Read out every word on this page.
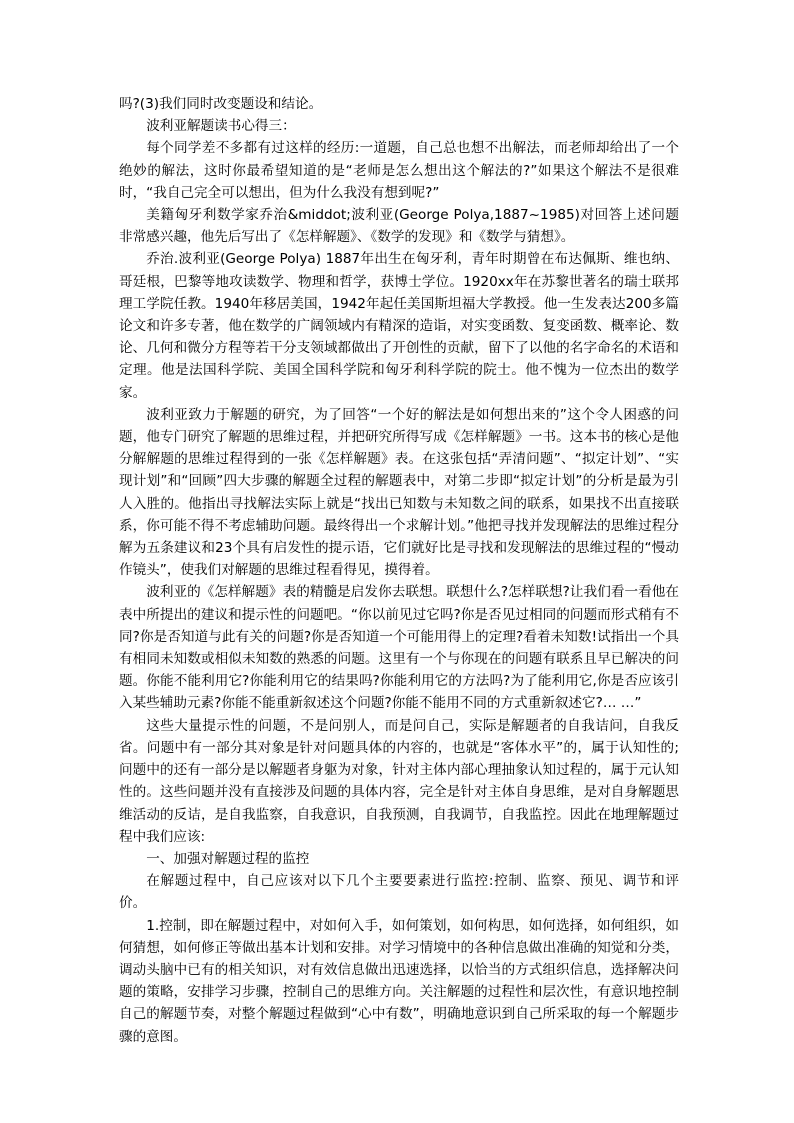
吗?(3)我们同时改变题设和结论。

波利亚解题读书心得三：

每个同学差不多都有过这样的经历:一道题，自己总也想不出解法，而老师却给出了一个绝妙的解法，这时你最希望知道的是“老师是怎么想出这个解法的?”如果这个解法不是很难时，“我自己完全可以想出，但为什么我没有想到呢?”

美籍匈牙利数学家乔治&middot;波利亚(George Polya,1887~1985)对回答上述问题非常感兴趣，他先后写出了《怎样解题》、《数学的发现》和《数学与猜想》。

乔治.波利亚(George Polya) 1887年出生在匈牙利，青年时期曾在布达佩斯、维也纳、哥廷根，巴黎等地攻读数学、物理和哲学，获博士学位。1920xx年在苏黎世著名的瑞士联邦理工学院任教。1940年移居美国，1942年起任美国斯坦福大学教授。他一生发表达200多篇论文和许多专著，他在数学的广阔领域内有精深的造诣，对实变函数、复变函数、概率论、数论、几何和微分方程等若干分支领域都做出了开创性的贡献，留下了以他的名字命名的术语和定理。他是法国科学院、美国全国科学院和匈牙利科学院的院士。他不愧为一位杰出的数学家。

波利亚致力于解题的研究，为了回答“一个好的解法是如何想出来的”这个令人困惑的问题，他专门研究了解题的思维过程，并把研究所得写成《怎样解题》一书。这本书的核心是他分解解题的思维过程得到的一张《怎样解题》表。在这张包括“弄清问题”、“拟定计划”、“实现计划”和“回顾”四大步骤的解题全过程的解题表中，对第二步即“拟定计划”的分析是最为引人入胜的。他指出寻找解法实际上就是“找出已知数与未知数之间的联系，如果找不出直接联系，你可能不得不考虑辅助问题。最终得出一个求解计划。”他把寻找并发现解法的思维过程分解为五条建议和23个具有启发性的提示语，它们就好比是寻找和发现解法的思维过程的“慢动作镜头”，使我们对解题的思维过程看得见，摸得着。

波利亚的《怎样解题》表的精髓是启发你去联想。联想什么?怎样联想?让我们看一看他在表中所提出的建议和提示性的问题吧。“你以前见过它吗?你是否见过相同的问题而形式稍有不同?你是否知道与此有关的问题?你是否知道一个可能用得上的定理?看着未知数!试指出一个具有相同未知数或相似未知数的熟悉的问题。这里有一个与你现在的问题有联系且早已解决的问题。你能不能利用它?你能利用它的结果吗?你能利用它的方法吗?为了能利用它,你是否应该引入某些辅助元素?你能不能重新叙述这个问题?你能不能用不同的方式重新叙述它?… …”

这些大量提示性的问题，不是问别人，而是问自己，实际是解题者的自我诘问，自我反省。问题中有一部分其对象是针对问题具体的内容的，也就是“客体水平”的，属于认知性的;问题中的还有一部分是以解题者身躯为对象，针对主体内部心理抽象认知过程的，属于元认知性的。这些问题并没有直接涉及问题的具体内容，完全是针对主体自身思维，是对自身解题思维活动的反诘，是自我监察，自我意识，自我预测，自我调节，自我监控。因此在地理解题过程中我们应该:

一、加强对解题过程的监控

在解题过程中，自己应该对以下几个主要要素进行监控:控制、监察、预见、调节和评价。

1.控制，即在解题过程中，对如何入手，如何策划，如何构思，如何选择，如何组织，如何猜想，如何修正等做出基本计划和安排。对学习情境中的各种信息做出准确的知觉和分类，调动头脑中已有的相关知识，对有效信息做出迅速选择，以恰当的方式组织信息，选择解决问题的策略，安排学习步骤，控制自己的思维方向。关注解题的过程性和层次性，有意识地控制自己的解题节奏，对整个解题过程做到“心中有数”，明确地意识到自己所采取的每一个解题步骤的意图。
